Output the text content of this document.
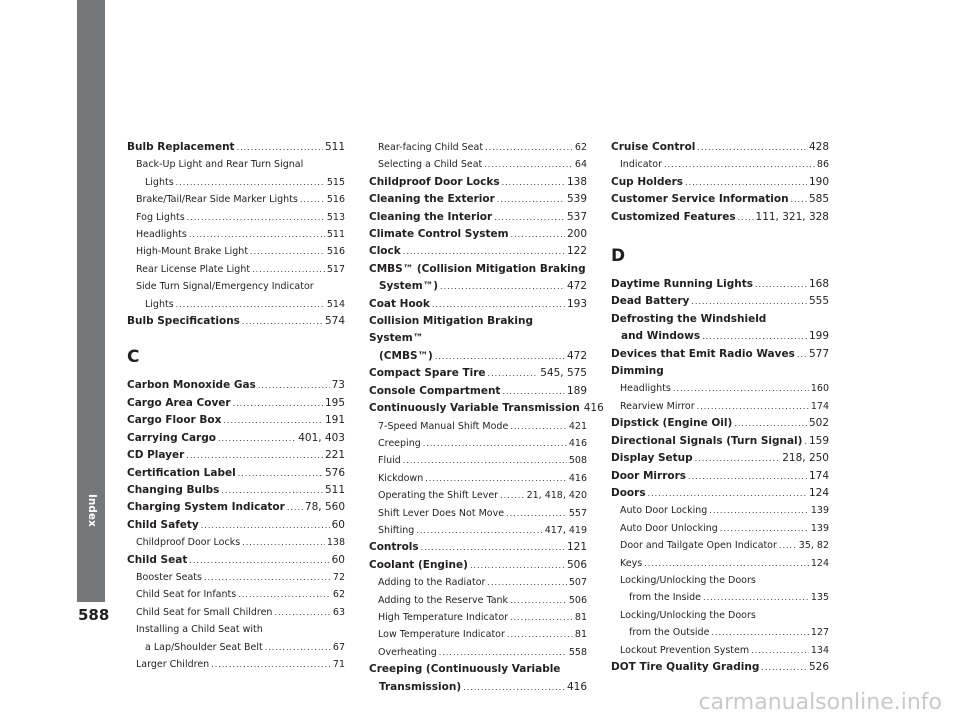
Index
588
Bulb Replacement .....	511
Back-Up Light and Rear Turn Signal
Lights .....	515
Brake/Tail/Rear Side Marker Lights .....	516
Fog Lights .....	513
Headlights .....	511
High-Mount Brake Light .....	516
Rear License Plate Light .....	517
Side Turn Signal/Emergency Indicator
Lights .....	514
Bulb Specifications .....	574
C
Carbon Monoxide Gas .....	73
Cargo Area Cover .....	195
Cargo Floor Box .....	191
Carrying Cargo .....	401, 403
CD Player .....	221
Certification Label .....	576
Changing Bulbs .....	511
Charging System Indicator ..... 78, 560
Child Safety .....	60
Childproof Door Locks .....	138
Child Seat .....	60
Booster Seats .....	72
Child Seat for Infants .....	62
Child Seat for Small Children .....	63
Installing a Child Seat with
a Lap/Shoulder Seat Belt .....	67
Larger Children .....	71
Rear-facing Child Seat .....	62
Selecting a Child Seat .....	64
Childproof Door Locks .....	138
Cleaning the Exterior .....	539
Cleaning the Interior .....	537
Climate Control System .....	200
Clock .....	122
CMBS™ (Collision Mitigation Braking
System™) .....	472
Coat Hook .....	193
Collision Mitigation Braking System™
(CMBS™) .....	472
Compact Spare Tire .....	545, 575
Console Compartment .....	189
Continuously Variable Transmission 416
7-Speed Manual Shift Mode .....	421
Creeping .....	416
Fluid .....	508
Kickdown .....	416
Operating the Shift Lever .....	21, 418, 420
Shift Lever Does Not Move .....	557
Shifting .....	417, 419
Controls .....	121
Coolant (Engine) .....	506
Adding to the Radiator .....	507
Adding to the Reserve Tank .....	506
High Temperature Indicator .....	81
Low Temperature Indicator .....	81
Overheating .....	558
Creeping (Continuously Variable
Transmission) .....	416
Cruise Control .....	428
Indicator .....	86
Cup Holders .....	190
Customer Service Information ..... 585
Customized Features ..... 111, 321, 328
D
Daytime Running Lights .....	168
Dead Battery .....	555
Defrosting the Windshield
and Windows .....	199
Devices that Emit Radio Waves ..... 577
Dimming
Headlights .....	160
Rearview Mirror .....	174
Dipstick (Engine Oil) .....	502
Directional Signals (Turn Signal) ..... 159
Display Setup .....	218, 250
Door Mirrors .....	174
Doors .....	124
Auto Door Locking .....	139
Auto Door Unlocking .....	139
Door and Tailgate Open Indicator ..... 35, 82
Keys .....	124
Locking/Unlocking the Doors
from the Inside .....	135
Locking/Unlocking the Doors
from the Outside .....	127
Lockout Prevention System .....	134
DOT Tire Quality Grading .....	526
carmanualsonline.info
